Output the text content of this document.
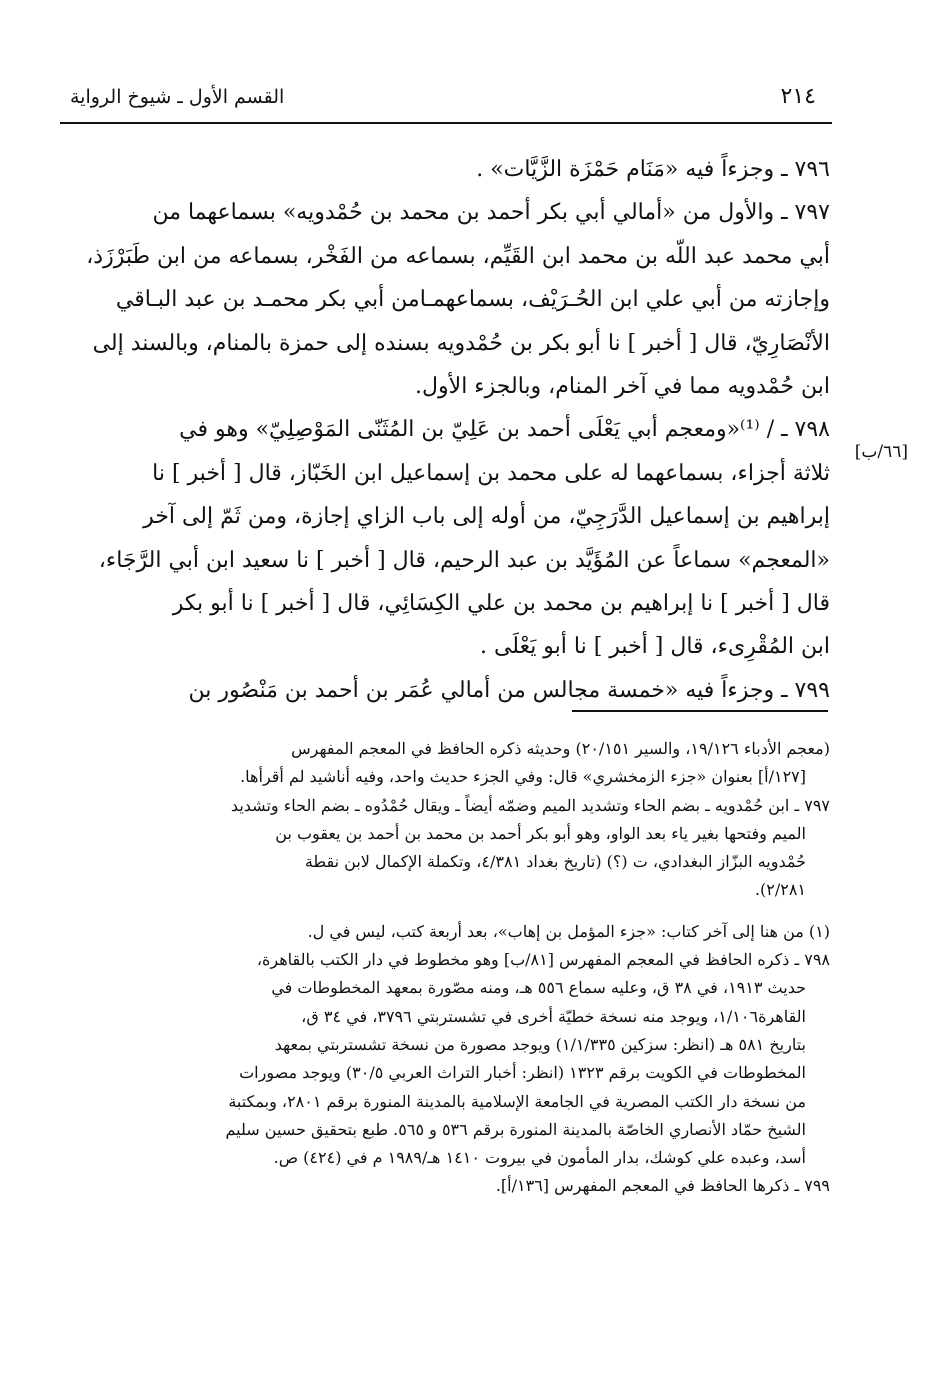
٢١٤
القسم الأول ـ شيوخ الرواية
[٦٦/ب]
٧٩٦ ـ وجزءاً فيه «مَنَام حَمْزَة الزَّيَّات» .
٧٩٧ ـ والأول من «أمالي أبي بكر أحمد بن محمد بن حُمْدويه» بسماعهما من
أبي محمد عبد اللّه بن محمد ابن القَيِّم، بسماعه من الفَخْر، بسماعه من ابن طَبَرْزَذ،
وإجازته من أبي علي ابن الحُـرَيْف، بسماعهمـامن أبي بكر محمـد بن عبد البـاقي
الأنْصَارِيّ، قال [ أخبر ] نا أبو بكر بن حُمْدويه بسنده إلى حمزة بالمنام، وبالسند إلى
ابن حُمْدويه مما في آخر المنام، وبالجزء الأول.
٧٩٨ ـ / ⁽¹⁾«ومعجم أبي يَعْلَى أحمد بن عَلِيّ بن المُثَنّى المَوْصِلِيّ» وهو في
ثلاثة أجزاء، بسماعهما له على محمد بن إسماعيل ابن الخَبّاز، قال [ أخبر ] نا
إبراهيم بن إسماعيل الدَّرَجِيّ، من أوله إلى باب الزاي إجازة، ومن ثَمّ إلى آخر
«المعجم» سماعاً عن المُؤَيَّد بن عبد الرحيم، قال [ أخبر ] نا سعيد ابن أبي الرَّجَاء،
قال [ أخبر ] نا إبراهيم بن محمد بن علي الكِسَائِي، قال [ أخبر ] نا أبو بكر
ابن المُقْرِىء، قال [ أخبر ] نا أبو يَعْلَى .
٧٩٩ ـ وجزءاً فيه «خمسة مجالس من أمالي عُمَر بن أحمد بن مَنْصُور بن
(معجم الأدباء ١٩/١٢٦، والسير ٢٠/١٥١) وحديثه ذكره الحافظ في المعجم المفهرس
[١٢٧/أ] بعنوان «جزء الزمخشري» قال: وفي الجزء حديث واحد، وفيه أناشيد لم أقرأها.
٧٩٧ ـ ابن حُمْدويه ـ بضم الحاء وتشديد الميم وضمّه أيضاً ـ ويقال حُمْدُوه ـ بضم الحاء وتشديد
الميم وفتحها بغير ياء بعد الواو، وهو أبو بكر أحمد بن محمد بن أحمد بن يعقوب بن
حُمْدويه البزّاز البغدادي، ت (؟) (تاريخ بغداد ٤/٣٨١، وتكملة الإكمال لابن نقطة
٢/٢٨١).
(١) من هنا إلى آخر كتاب: «جزء المؤمل بن إهاب»، بعد أربعة كتب، ليس في ل.
٧٩٨ ـ ذكره الحافظ في المعجم المفهرس [٨١/ب] وهو مخطوط في دار الكتب بالقاهرة،
حديث ١٩١٣، في ٣٨ ق، وعليه سماع ٥٥٦ هـ، ومنه مصّورة بمعهد المخطوطات في
القاهرة١/١٠٦، ويوجد منه نسخة خطيّة أخرى في تشستربتي ٣٧٩٦، في ٣٤ ق،
بتاريخ ٥٨١ هـ (انظر: سزكين ١/١/٣٣٥) ويوجد مصورة من نسخة تشستربتي بمعهد
المخطوطات في الكويت برقم ١٣٢٣ (انظر: أخبار التراث العربي ٣٠/٥) ويوجد مصورات
من نسخة دار الكتب المصرية في الجامعة الإسلامية بالمدينة المنورة برقم ٢٨٠١، وبمكتبة
الشيخ حمّاد الأنصاري الخاصّة بالمدينة المنورة برقم ٥٣٦ و ٥٦٥. طبع بتحقيق حسين سليم
أسد، وعبده علي كوشك، بدار المأمون في بيروت ١٤١٠ هـ/١٩٨٩ م في (٤٢٤) ص.
٧٩٩ ـ ذكرها الحافظ في المعجم المفهرس [١٣٦/أ].
